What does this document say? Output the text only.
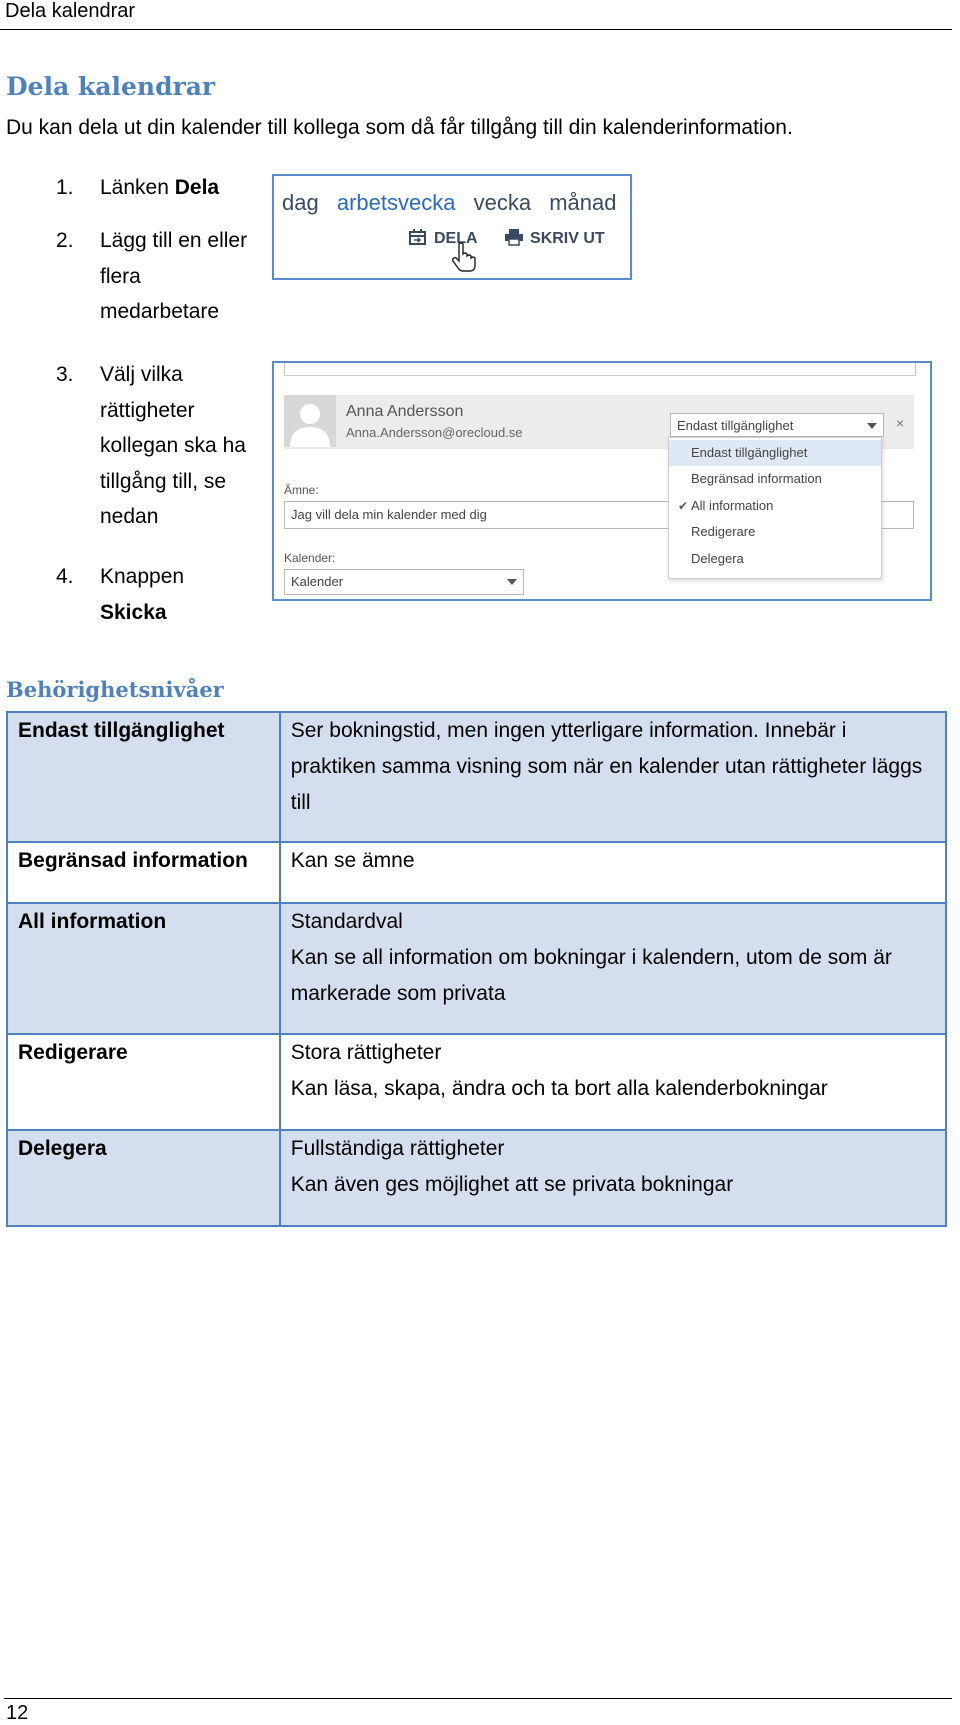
Dela kalendrar
Dela kalendrar

Du kan dela ut din kalender till kollega som då får tillgång till din kalenderinformation.

1.	Länken Dela
2.	Lägg till en eller flera medarbetare
3.	Välj vilka rättigheter kollegan ska ha tillgång till, se nedan
4.	Knappen
Skicka
dag arbetsvecka vecka månad
DELA	SKRIV UT
Anna Andersson
Anna.Andersson@orecloud.se	Endast tillgänglighet	×
Ämne:
Jag vill dela min kalender med dig
Kalender:
Kalender
Endast tillgänglighet
Begränsad information
✔ All information
Redigerare
Delegera
Behörighetsnivåer
Endast tillgänglighet	Ser bokningstid, men ingen ytterligare information. Innebär i praktiken samma visning som när en kalender utan rättigheter läggs till

Begränsad information	Kan se ämne

All information	Standardval
Kan se all information om bokningar i kalendern, utom de som är markerade som privata

Redigerare	Stora rättigheter
Kan läsa, skapa, ändra och ta bort alla kalenderbokningar

Delegera	Fullständiga rättigheter
Kan även ges möjlighet att se privata bokningar
12
